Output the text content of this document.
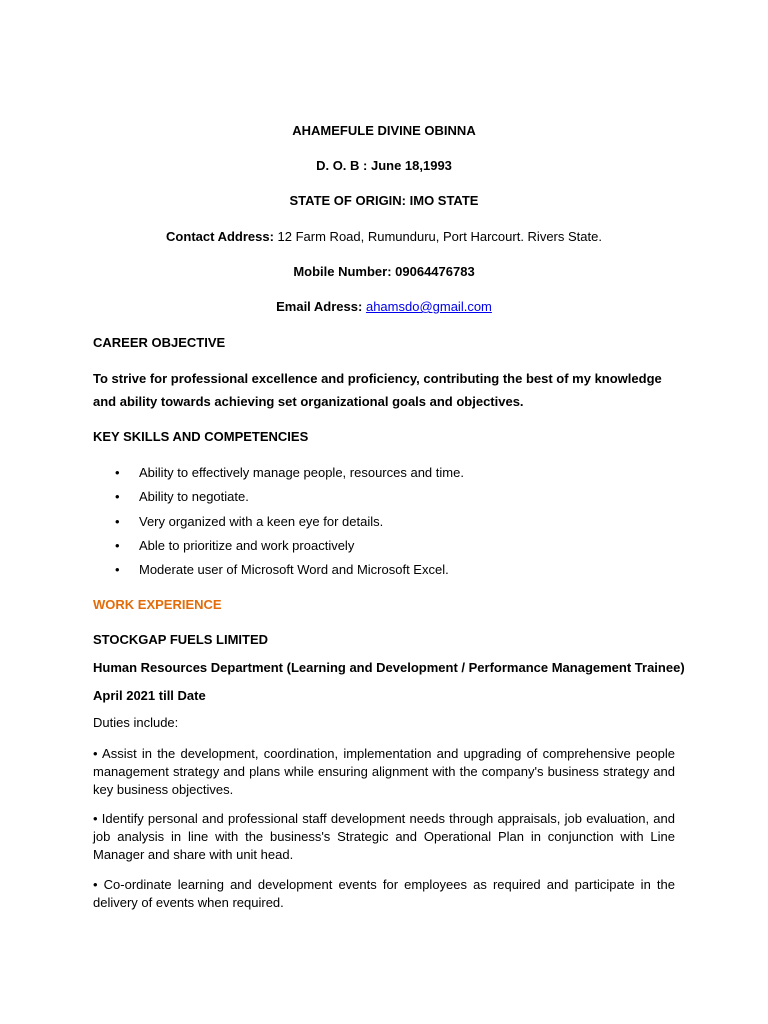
AHAMEFULE DIVINE OBINNA
D. O. B : June 18,1993
STATE OF ORIGIN: IMO STATE
Contact Address: 12 Farm Road, Rumunduru, Port Harcourt. Rivers State.
Mobile Number: 09064476783
Email Adress: ahamsdo@gmail.com
CAREER OBJECTIVE
To strive for professional excellence and proficiency, contributing the best of my knowledge and ability towards achieving set organizational goals and objectives.
KEY SKILLS AND COMPETENCIES
• Ability to effectively manage people, resources and time.
• Ability to negotiate.
• Very organized with a keen eye for details.
• Able to prioritize and work proactively
• Moderate user of Microsoft Word and Microsoft Excel.
WORK EXPERIENCE
STOCKGAP FUELS LIMITED
Human Resources Department (Learning and Development / Performance Management Trainee)
April 2021 till Date
Duties include:
• Assist in the development, coordination, implementation and upgrading of comprehensive people management strategy and plans while ensuring alignment with the company's business strategy and key business objectives.
• Identify personal and professional staff development needs through appraisals, job evaluation, and job analysis in line with the business's Strategic and Operational Plan in conjunction with Line Manager and share with unit head.
• Co-ordinate learning and development events for employees as required and participate in the delivery of events when required.
